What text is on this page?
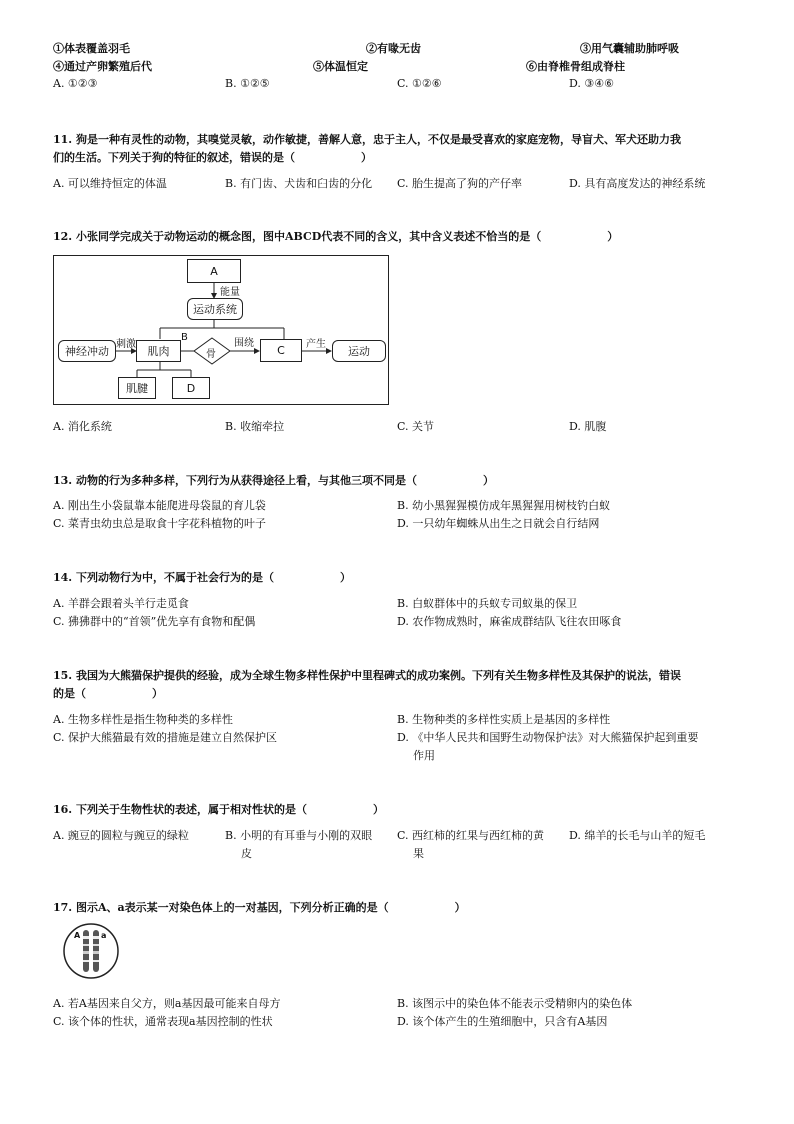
①体表覆盖羽毛	②有喙无齿	③用气囊辅助肺呼吸
④通过产卵繁殖后代	⑤体温恒定	⑥由脊椎骨组成脊柱
A. ①②③	B. ①②⑤	C. ①②⑥	D. ③④⑥
11. 狗是一种有灵性的动物，其嗅觉灵敏，动作敏捷，善解人意，忠于主人，不仅是最受喜欢的家庭宠物，导盲犬、军犬还助力我
们的生活。下列关于狗的特征的叙述，错误的是（　　　　　　）
A. 可以维持恒定的体温	B. 有门齿、犬齿和臼齿的分化 C. 胎生提高了狗的产仔率	D. 具有高度发达的神经系统
12. 小张同学完成关于动物运动的概念图，图中ABCD代表不同的含义，其中含义表述不恰当的是（　　　　　　）
A
能量
运动系统
B
神经冲动
刺激
肌肉	骨
围绕
C 产生
运动
肌腱	D
A. 消化系统	B. 收缩牵拉	C. 关节	D. 肌腹
13. 动物的行为多种多样，下列行为从获得途径上看，与其他三项不同是（　　　　　　）
A. 刚出生小袋鼠靠本能爬进母袋鼠的育儿袋	B. 幼小黑猩猩模仿成年黑猩猩用树枝钓白蚁
C. 菜青虫幼虫总是取食十字花科植物的叶子	D. 一只幼年蜘蛛从出生之日就会自行结网
14. 下列动物行为中，不属于社会行为的是（　　　　　　）
A. 羊群会跟着头羊行走觅食	B. 白蚁群体中的兵蚁专司蚁巢的保卫
C. 狒狒群中的“首领”优先享有食物和配偶	D. 农作物成熟时，麻雀成群结队飞往农田啄食
15. 我国为大熊猫保护提供的经验，成为全球生物多样性保护中里程碑式的成功案例。下列有关生物多样性及其保护的说法，错误
的是（　　　　　　）
A. 生物多样性是指生物种类的多样性	B. 生物种类的多样性实质上是基因的多样性
C. 保护大熊猫最有效的措施是建立自然保护区	D. 《中华人民共和国野生动物保护法》对大熊猫保护起到重要
作用
16. 下列关于生物性状的表述，属于相对性状的是（　　　　　　）
A. 豌豆的圆粒与豌豆的绿粒	B. 小明的有耳垂与小刚的双眼
皮
C. 西红柿的红果与西红柿的黄
果
D. 绵羊的长毛与山羊的短毛
17. 图示A、a表示某一对染色体上的一对基因，下列分析正确的是（　　　　　　）
A	a
A. 若A基因来自父方，则a基因最可能来自母方	B. 该图示中的染色体不能表示受精卵内的染色体
C. 该个体的性状，通常表现a基因控制的性状	D. 该个体产生的生殖细胞中，只含有A基因
